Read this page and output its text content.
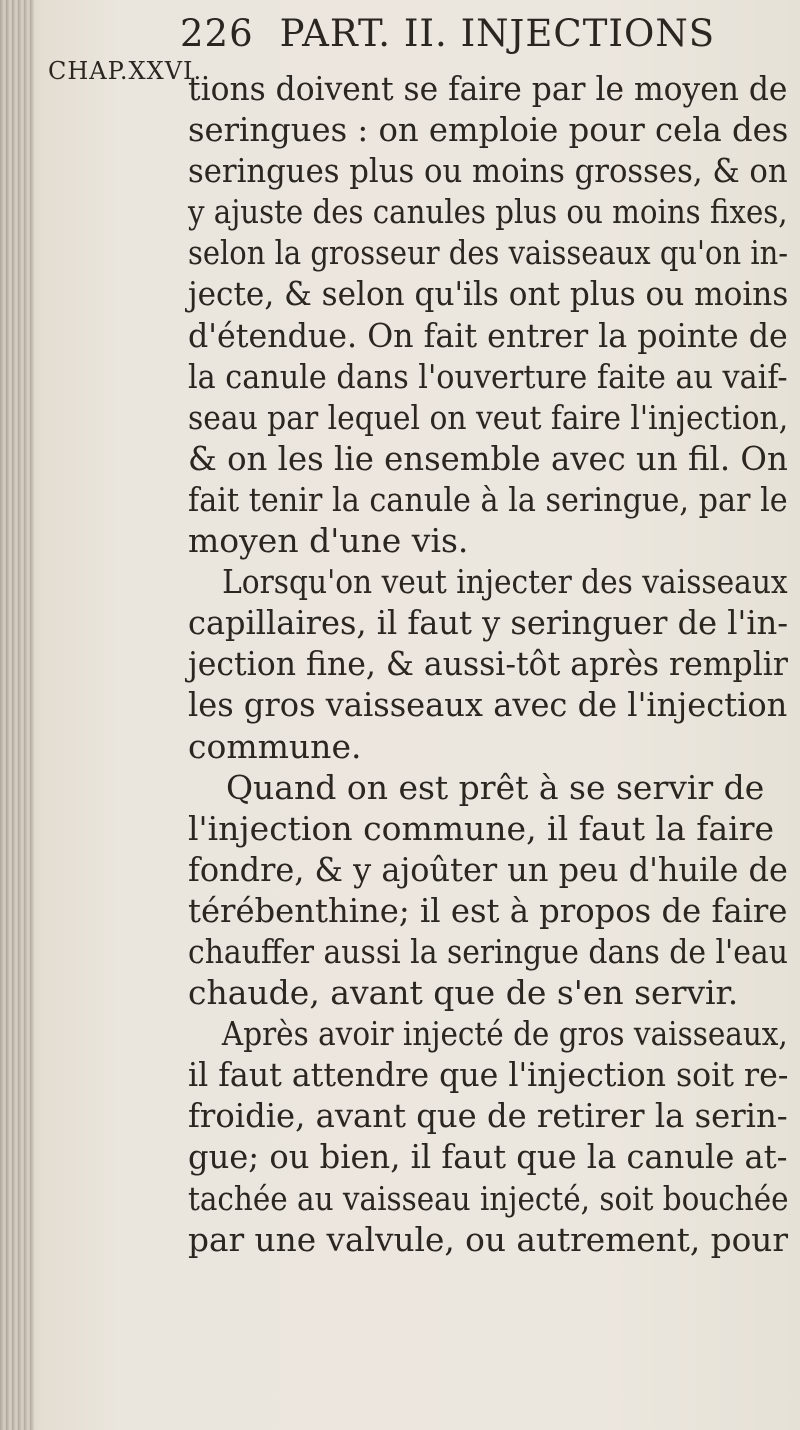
226 PART. II. INJECTIONS
CHAP.XXVI.
tions doivent se faire par le moyen de
seringues : on emploie pour cela des
seringues plus ou moins grosses, & on
y ajuste des canules plus ou moins fixes,
selon la grosseur des vaisseaux qu'on in-
jecte, & selon qu'ils ont plus ou moins
d'étendue. On fait entrer la pointe de
la canule dans l'ouverture faite au vaif-
seau par lequel on veut faire l'injection,
& on les lie ensemble avec un fil. On
fait tenir la canule à la seringue, par le
moyen d'une vis.
Lorsqu'on veut injecter des vaisseaux
capillaires, il faut y seringuer de l'in-
jection fine, & aussi-tôt après remplir
les gros vaisseaux avec de l'injection
commune.
Quand on est prêt à se servir de
l'injection commune, il faut la faire
fondre, & y ajoûter un peu d'huile de
térébenthine; il est à propos de faire
chauffer aussi la seringue dans de l'eau
chaude, avant que de s'en servir.
Après avoir injecté de gros vaisseaux,
il faut attendre que l'injection soit re-
froidie, avant que de retirer la serin-
gue; ou bien, il faut que la canule at-
tachée au vaisseau injecté, soit bouchée
par une valvule, ou autrement, pour
